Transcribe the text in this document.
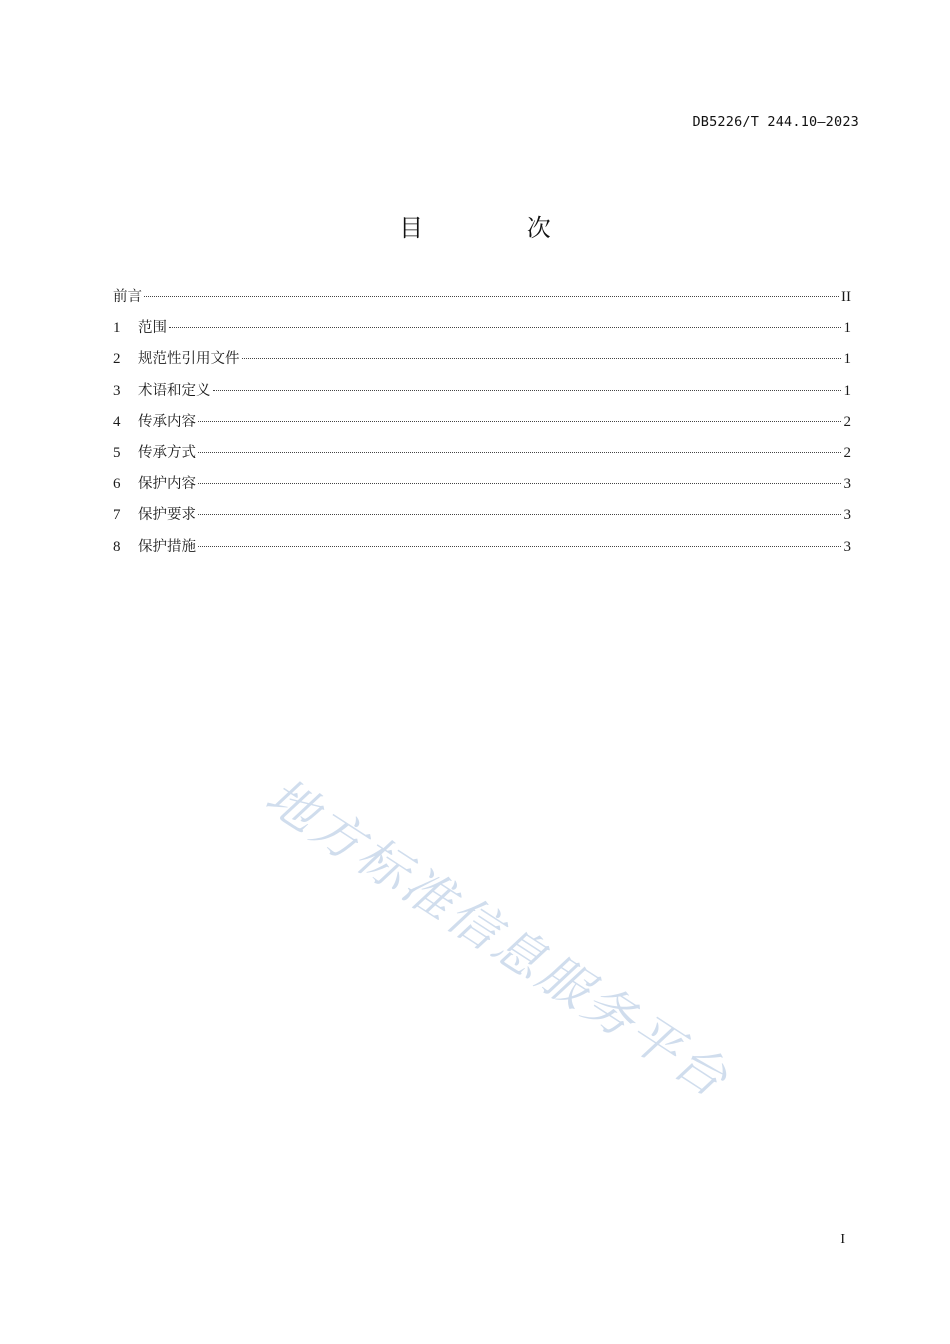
DB5226/T 244.10—2023
目 次
前言	II
1	范围	1
2	规范性引用文件	1
3	术语和定义	1
4	传承内容	2
5	传承方式	2
6	保护内容	3
7	保护要求	3
8	保护措施	3
地方标准信息服务平台
I
